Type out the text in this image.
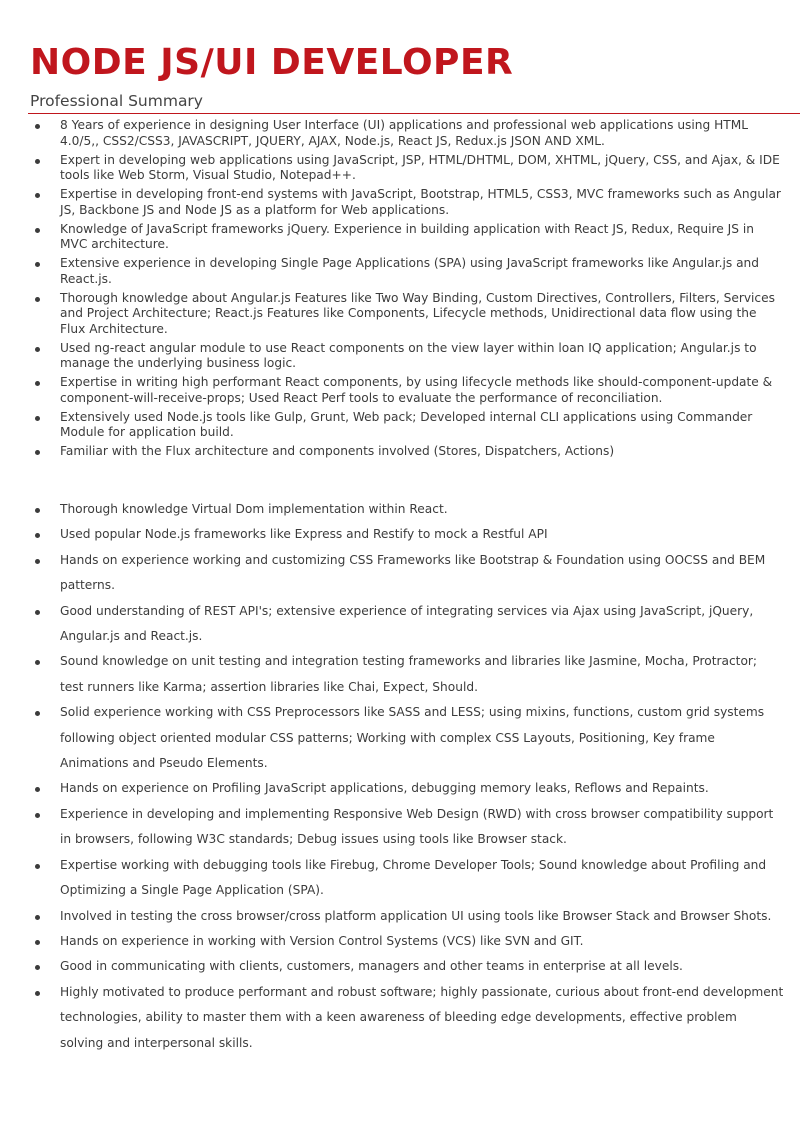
NODE JS/UI DEVELOPER
Professional Summary
8 Years of experience in designing User Interface (UI) applications and professional web applications using HTML 4.0/5,, CSS2/CSS3, JAVASCRIPT, JQUERY, AJAX, Node.js, React JS, Redux.js JSON AND XML.
Expert in developing web applications using JavaScript, JSP, HTML/DHTML, DOM, XHTML, jQuery, CSS, and Ajax, & IDE tools like Web Storm, Visual Studio, Notepad++.
Expertise in developing front-end systems with JavaScript, Bootstrap, HTML5, CSS3, MVC frameworks such as Angular JS, Backbone JS and Node JS as a platform for Web applications.
Knowledge of JavaScript frameworks jQuery. Experience in building application with React JS, Redux, Require JS in MVC architecture.
Extensive experience in developing Single Page Applications (SPA) using JavaScript frameworks like Angular.js and React.js.
Thorough knowledge about Angular.js Features like Two Way Binding, Custom Directives, Controllers, Filters, Services and Project Architecture; React.js Features like Components, Lifecycle methods, Unidirectional data flow using the Flux Architecture.
Used ng-react angular module to use React components on the view layer within loan IQ application; Angular.js to manage the underlying business logic.
Expertise in writing high performant React components, by using lifecycle methods like should-component-update & component-will-receive-props; Used React Perf tools to evaluate the performance of reconciliation.
Extensively used Node.js tools like Gulp, Grunt, Web pack; Developed internal CLI applications using Commander Module for application build.
Familiar with the Flux architecture and components involved (Stores, Dispatchers, Actions)
Thorough knowledge Virtual Dom implementation within React.
Used popular Node.js frameworks like Express and Restify to mock a Restful API
Hands on experience working and customizing CSS Frameworks like Bootstrap & Foundation using OOCSS and BEM patterns.
Good understanding of REST API's; extensive experience of integrating services via Ajax using JavaScript, jQuery, Angular.js and React.js.
Sound knowledge on unit testing and integration testing frameworks and libraries like Jasmine, Mocha, Protractor; test runners like Karma; assertion libraries like Chai, Expect, Should.
Solid experience working with CSS Preprocessors like SASS and LESS; using mixins, functions, custom grid systems following object oriented modular CSS patterns; Working with complex CSS Layouts, Positioning, Key frame Animations and Pseudo Elements.
Hands on experience on Profiling JavaScript applications, debugging memory leaks, Reflows and Repaints.
Experience in developing and implementing Responsive Web Design (RWD) with cross browser compatibility support in browsers, following W3C standards; Debug issues using tools like Browser stack.
Expertise working with debugging tools like Firebug, Chrome Developer Tools; Sound knowledge about Profiling and Optimizing a Single Page Application (SPA).
Involved in testing the cross browser/cross platform application UI using tools like Browser Stack and Browser Shots.
Hands on experience in working with Version Control Systems (VCS) like SVN and GIT.
Good in communicating with clients, customers, managers and other teams in enterprise at all levels.
Highly motivated to produce performant and robust software; highly passionate, curious about front-end development technologies, ability to master them with a keen awareness of bleeding edge developments, effective problem solving and interpersonal skills.
